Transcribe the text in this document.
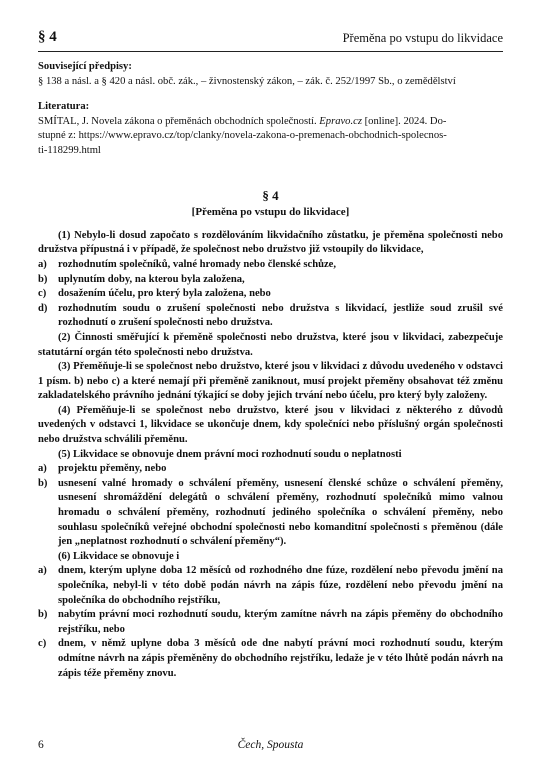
§ 4	Přeměna po vstupu do likvidace
Související předpisy:
§ 138 a násl. a § 420 a násl. obč. zák., – živnostenský zákon, – zák. č. 252/1997 Sb., o zemědělství
Literatura:
SMÍTAL, J. Novela zákona o přeměnách obchodních společností. Epravo.cz [online]. 2024. Do-
stupné z: https://www.epravo.cz/top/clanky/novela-zakona-o-premenach-obchodnich-spolecnos-
ti-118299.html
§ 4
[Přeměna po vstupu do likvidace]
(1) Nebylo-li dosud započato s rozdělováním likvidačního zůstatku, je přeměna společnosti nebo družstva přípustná i v případě, že společnost nebo družstvo již vstoupily do likvidace,
a) rozhodnutím společníků, valné hromady nebo členské schůze,
b) uplynutím doby, na kterou byla založena,
c) dosažením účelu, pro který byla založena, nebo
d) rozhodnutím soudu o zrušení společnosti nebo družstva s likvidací, jestliže soud zrušil své rozhodnutí o zrušení společnosti nebo družstva.
(2) Činnosti směřující k přeměně společnosti nebo družstva, které jsou v likvidaci, zabezpečuje statutární orgán této společnosti nebo družstva.
(3) Přeměňuje-li se společnost nebo družstvo, které jsou v likvidaci z důvodu uvedeného v odstavci 1 písm. b) nebo c) a které nemají při přeměně zaniknout, musí projekt přeměny obsahovat též změnu zakladatelského právního jednání týkající se doby jejich trvání nebo účelu, pro který byly založeny.
(4) Přeměňuje-li se společnost nebo družstvo, které jsou v likvidaci z některého z důvodů uvedených v odstavci 1, likvidace se ukončuje dnem, kdy společníci nebo příslušný orgán společnosti nebo družstva schválili přeměnu.
(5) Likvidace se obnovuje dnem právní moci rozhodnutí soudu o neplatnosti
a) projektu přeměny, nebo
b) usnesení valné hromady o schválení přeměny, usnesení členské schůze o schválení přeměny, usnesení shromáždění delegátů o schválení přeměny, rozhodnutí společníků mimo valnou hromadu o schválení přeměny, rozhodnutí jediného společníka o schválení přeměny, nebo souhlasu společníků veřejné obchodní společnosti nebo komanditní společnosti s přeměnou (dále jen „neplatnost rozhodnutí o schválení přeměny“).
(6) Likvidace se obnovuje i
a) dnem, kterým uplyne doba 12 měsíců od rozhodného dne fúze, rozdělení nebo převodu jmění na společníka, nebyl-li v této době podán návrh na zápis fúze, rozdělení nebo převodu jmění na společníka do obchodního rejstříku,
b) nabytím právní moci rozhodnutí soudu, kterým zamítne návrh na zápis přeměny do obchodního rejstříku, nebo
c) dnem, v němž uplyne doba 3 měsíců ode dne nabytí právní moci rozhodnutí soudu, kterým odmítne návrh na zápis přeměněny do obchodního rejstříku, ledaže je v této lhůtě podán návrh na zápis téže přeměny znovu.
6	Čech, Spousta
